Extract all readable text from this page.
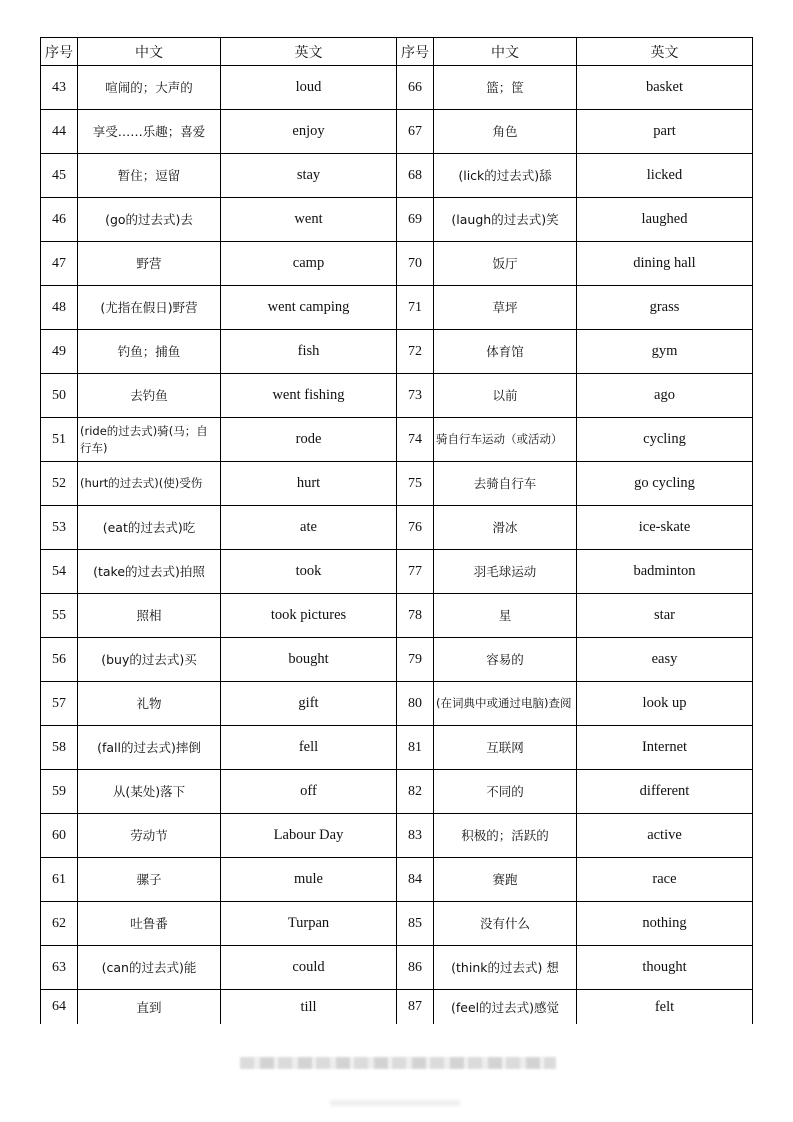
序号	中文	英文	序号	中文	英文
43	喧闹的；大声的	loud	66	篮；筐	basket
44	享受……乐趣；喜爱	enjoy	67	角色	part
45	暂住；逗留	stay	68	(lick的过去式)舔	licked
46	(go的过去式)去	went	69	(laugh的过去式)笑	laughed
47	野营	camp	70	饭厅	dining hall
48	(尤指在假日)野营	went camping	71	草坪	grass
49	钓鱼；捕鱼	fish	72	体育馆	gym
50	去钓鱼	went fishing	73	以前	ago
51	(ride的过去式)骑(马；自行车)	rode	74	骑自行车运动（或活动）	cycling
52	(hurt的过去式)(使)受伤	hurt	75	去骑自行车	go cycling
53	(eat的过去式)吃	ate	76	滑冰	ice-skate
54	(take的过去式)拍照	took	77	羽毛球运动	badminton
55	照相	took pictures	78	星	star
56	(buy的过去式)买	bought	79	容易的	easy
57	礼物	gift	80	(在词典中或通过电脑)查阅	look up
58	(fall的过去式)摔倒	fell	81	互联网	Internet
59	从(某处)落下	off	82	不同的	different
60	劳动节	Labour Day	83	积极的；活跃的	active
61	骡子	mule	84	赛跑	race
62	吐鲁番	Turpan	85	没有什么	nothing
63	(can的过去式)能	could	86	(think的过去式) 想	thought
64	直到	till	87	(feel的过去式)感觉	felt
